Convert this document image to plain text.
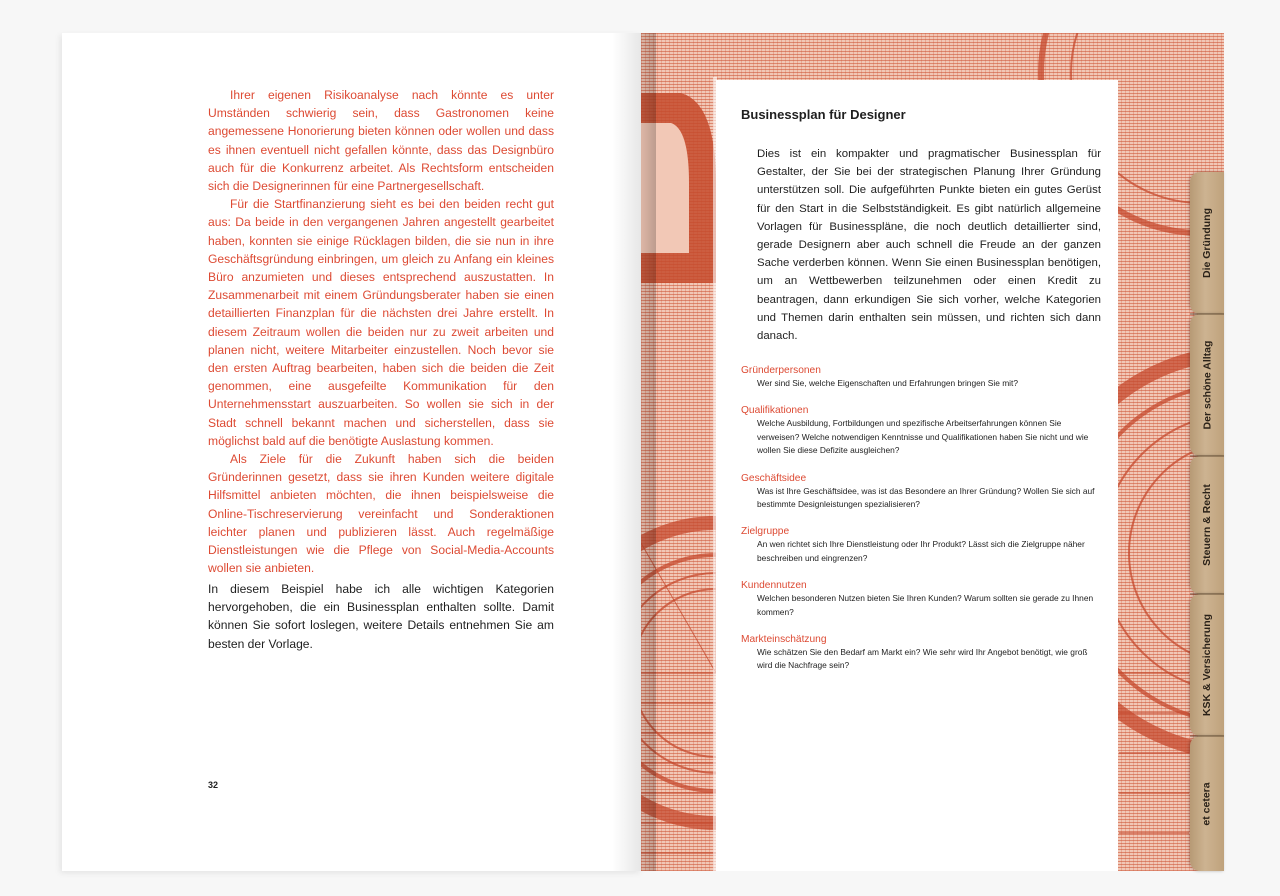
Ihrer eigenen Risikoanalyse nach könnte es unter Umständen schwierig sein, dass Gastronomen keine angemessene Honorierung bieten können oder wollen und dass es ihnen eventuell nicht gefallen könnte, dass das Designbüro auch für die Konkurrenz arbeitet. Als Rechtsform entscheiden sich die Designerinnen für eine Partnergesellschaft.

Für die Startfinanzierung sieht es bei den beiden recht gut aus: Da beide in den vergangenen Jahren angestellt gearbeitet haben, konnten sie einige Rücklagen bilden, die sie nun in ihre Geschäftsgründung einbringen, um gleich zu Anfang ein kleines Büro anzumieten und dieses entsprechend auszustatten. In Zusammenarbeit mit einem Gründungsberater haben sie einen detaillierten Finanzplan für die nächsten drei Jahre erstellt. In diesem Zeitraum wollen die beiden nur zu zweit arbeiten und planen nicht, weitere Mitarbeiter einzustellen. Noch bevor sie den ersten Auftrag bearbeiten, haben sich die beiden die Zeit genommen, eine ausgefeilte Kommunikation für den Unternehmensstart auszuarbeiten. So wollen sie sich in der Stadt schnell bekannt machen und sicherstellen, dass sie möglichst bald auf die benötigte Auslastung kommen.

Als Ziele für die Zukunft haben sich die beiden Gründerinnen gesetzt, dass sie ihren Kunden weitere digitale Hilfsmittel anbieten möchten, die ihnen beispielsweise die Online-Tischreservierung vereinfacht und Sonderaktionen leichter planen und publizieren lässt. Auch regelmäßige Dienstleistungen wie die Pflege von Social-Media-Accounts wollen sie anbieten.

In diesem Beispiel habe ich alle wichtigen Kategorien hervorgehoben, die ein Businessplan enthalten sollte. Damit können Sie sofort loslegen, weitere Details entnehmen Sie am besten der Vorlage.
32
Businessplan für Designer
Dies ist ein kompakter und pragmatischer Businessplan für Gestalter, der Sie bei der strategischen Planung Ihrer Gründung unterstützen soll. Die aufgeführten Punkte bieten ein gutes Gerüst für den Start in die Selbstständigkeit. Es gibt natürlich allgemeine Vorlagen für Businesspläne, die noch deutlich detaillierter sind, gerade Designern aber auch schnell die Freude an der ganzen Sache verderben können. Wenn Sie einen Businessplan benötigen, um an Wettbewerben teilzunehmen oder einen Kredit zu beantragen, dann erkundigen Sie sich vorher, welche Kategorien und Themen darin enthalten sein müssen, und richten sich dann danach.
Gründerpersonen
Wer sind Sie, welche Eigenschaften und Erfahrungen bringen Sie mit?
Qualifikationen
Welche Ausbildung, Fortbildungen und spezifische Arbeitserfahrungen können Sie verweisen? Welche notwendigen Kenntnisse und Qualifikationen haben Sie nicht und wie wollen Sie diese Defizite ausgleichen?
Geschäftsidee
Was ist Ihre Geschäftsidee, was ist das Besondere an Ihrer Gründung? Wollen Sie sich auf bestimmte Designleistungen spezialisieren?
Zielgruppe
An wen richtet sich Ihre Dienstleistung oder Ihr Produkt? Lässt sich die Zielgruppe näher beschreiben und eingrenzen?
Kundennutzen
Welchen besonderen Nutzen bieten Sie Ihren Kunden? Warum sollten sie gerade zu Ihnen kommen?
Markteinschätzung
Wie schätzen Sie den Bedarf am Markt ein? Wie sehr wird Ihr Angebot benötigt, wie groß wird die Nachfrage sein?
Die Gründung
Der schöne Alltag
Steuern & Recht
KSK & Versicherung
et cetera
